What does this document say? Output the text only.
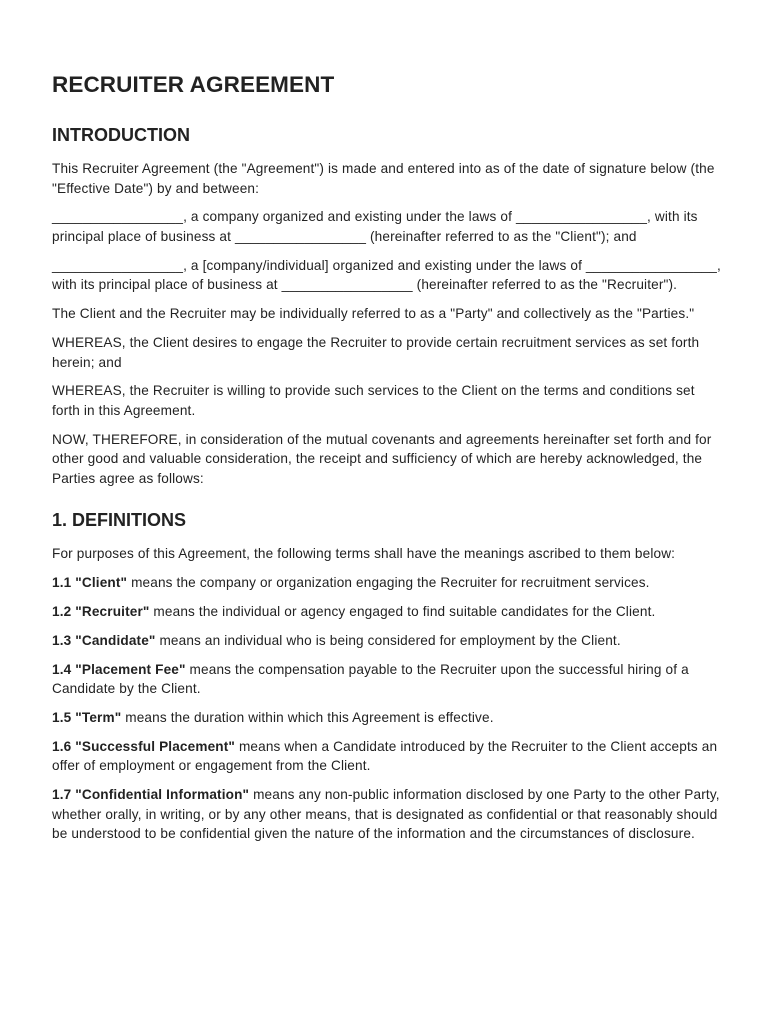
RECRUITER AGREEMENT
INTRODUCTION

This Recruiter Agreement (the "Agreement") is made and entered into as of the date of signature below (the "Effective Date") by and between:

_________________, a company organized and existing under the laws of _________________, with its principal place of business at _________________ (hereinafter referred to as the "Client"); and

_________________, a [company/individual] organized and existing under the laws of _________________, with its principal place of business at _________________ (hereinafter referred to as the "Recruiter").

The Client and the Recruiter may be individually referred to as a "Party" and collectively as the "Parties."

WHEREAS, the Client desires to engage the Recruiter to provide certain recruitment services as set forth herein; and

WHEREAS, the Recruiter is willing to provide such services to the Client on the terms and conditions set forth in this Agreement.

NOW, THEREFORE, in consideration of the mutual covenants and agreements hereinafter set forth and for other good and valuable consideration, the receipt and sufficiency of which are hereby acknowledged, the Parties agree as follows:

1. DEFINITIONS

For purposes of this Agreement, the following terms shall have the meanings ascribed to them below:

1.1 "Client" means the company or organization engaging the Recruiter for recruitment services.

1.2 "Recruiter" means the individual or agency engaged to find suitable candidates for the Client.

1.3 "Candidate" means an individual who is being considered for employment by the Client.

1.4 "Placement Fee" means the compensation payable to the Recruiter upon the successful hiring of a Candidate by the Client.

1.5 "Term" means the duration within which this Agreement is effective.

1.6 "Successful Placement" means when a Candidate introduced by the Recruiter to the Client accepts an offer of employment or engagement from the Client.

1.7 "Confidential Information" means any non-public information disclosed by one Party to the other Party, whether orally, in writing, or by any other means, that is designated as confidential or that reasonably should be understood to be confidential given the nature of the information and the circumstances of disclosure.
